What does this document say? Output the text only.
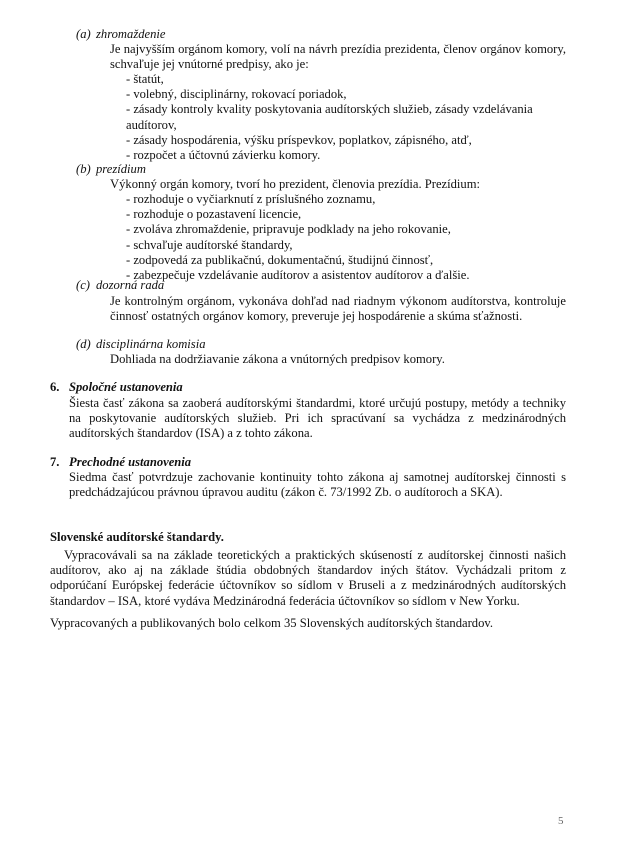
(a) zhromaždenie
Je najvyšším orgánom komory, volí na návrh prezídia prezidenta, členov orgánov komory, schvaľuje jej vnútorné predpisy, ako je:
- štatút,
- volebný, disciplinárny, rokovací poriadok,
- zásady kontroly kvality poskytovania audítorských služieb, zásady vzdelávania audítorov,
- zásady hospodárenia, výšku príspevkov, poplatkov, zápisného, atď,
- rozpočet a účtovnú závierku komory.
(b) prezídium
Výkonný orgán komory, tvorí ho prezident, členovia prezídia. Prezídium:
- rozhoduje o vyčiarknutí z príslušného zoznamu,
- rozhoduje o pozastavení licencie,
- zvoláva zhromaždenie, pripravuje podklady na jeho rokovanie,
- schvaľuje audítorské štandardy,
- zodpovedá za publikačnú, dokumentačnú, študijnú činnosť,
- zabezpečuje vzdelávanie audítorov a asistentov audítorov a ďalšie.
(c) dozorná rada
Je kontrolným orgánom, vykonáva dohľad nad riadnym výkonom audítorstva, kontroluje činnosť ostatných orgánov komory, preveruje jej hospodárenie a skúma sťažnosti.
(d) disciplinárna komisia
Dohliada na dodržiavanie zákona a vnútorných predpisov komory.
6. Spoločné ustanovenia
Šiesta časť zákona sa zaoberá audítorskými štandardmi, ktoré určujú postupy, metódy a techniky na poskytovanie audítorských služieb. Pri ich spracúvaní sa vychádza z medzinárodných audítorských štandardov (ISA) a z tohto zákona.
7. Prechodné ustanovenia
Siedma časť potvrdzuje zachovanie kontinuity tohto zákona aj samotnej audítorskej činnosti s predchádzajúcou právnou úpravou auditu (zákon č. 73/1992 Zb. o audítoroch a SKA).
Slovenské audítorské štandardy.
Vypracovávali sa na základe teoretických a praktických skúseností z audítorskej činnosti našich audítorov, ako aj na základe štúdia obdobných štandardov iných štátov. Vychádzali pritom z odporúčaní Európskej federácie účtovníkov so sídlom v Bruseli a z medzinárodných audítorských štandardov – ISA, ktoré vydáva Medzinárodná federácia účtovníkov so sídlom v New Yorku.
Vypracovaných a publikovaných bolo celkom 35 Slovenských audítorských štandardov.
5
